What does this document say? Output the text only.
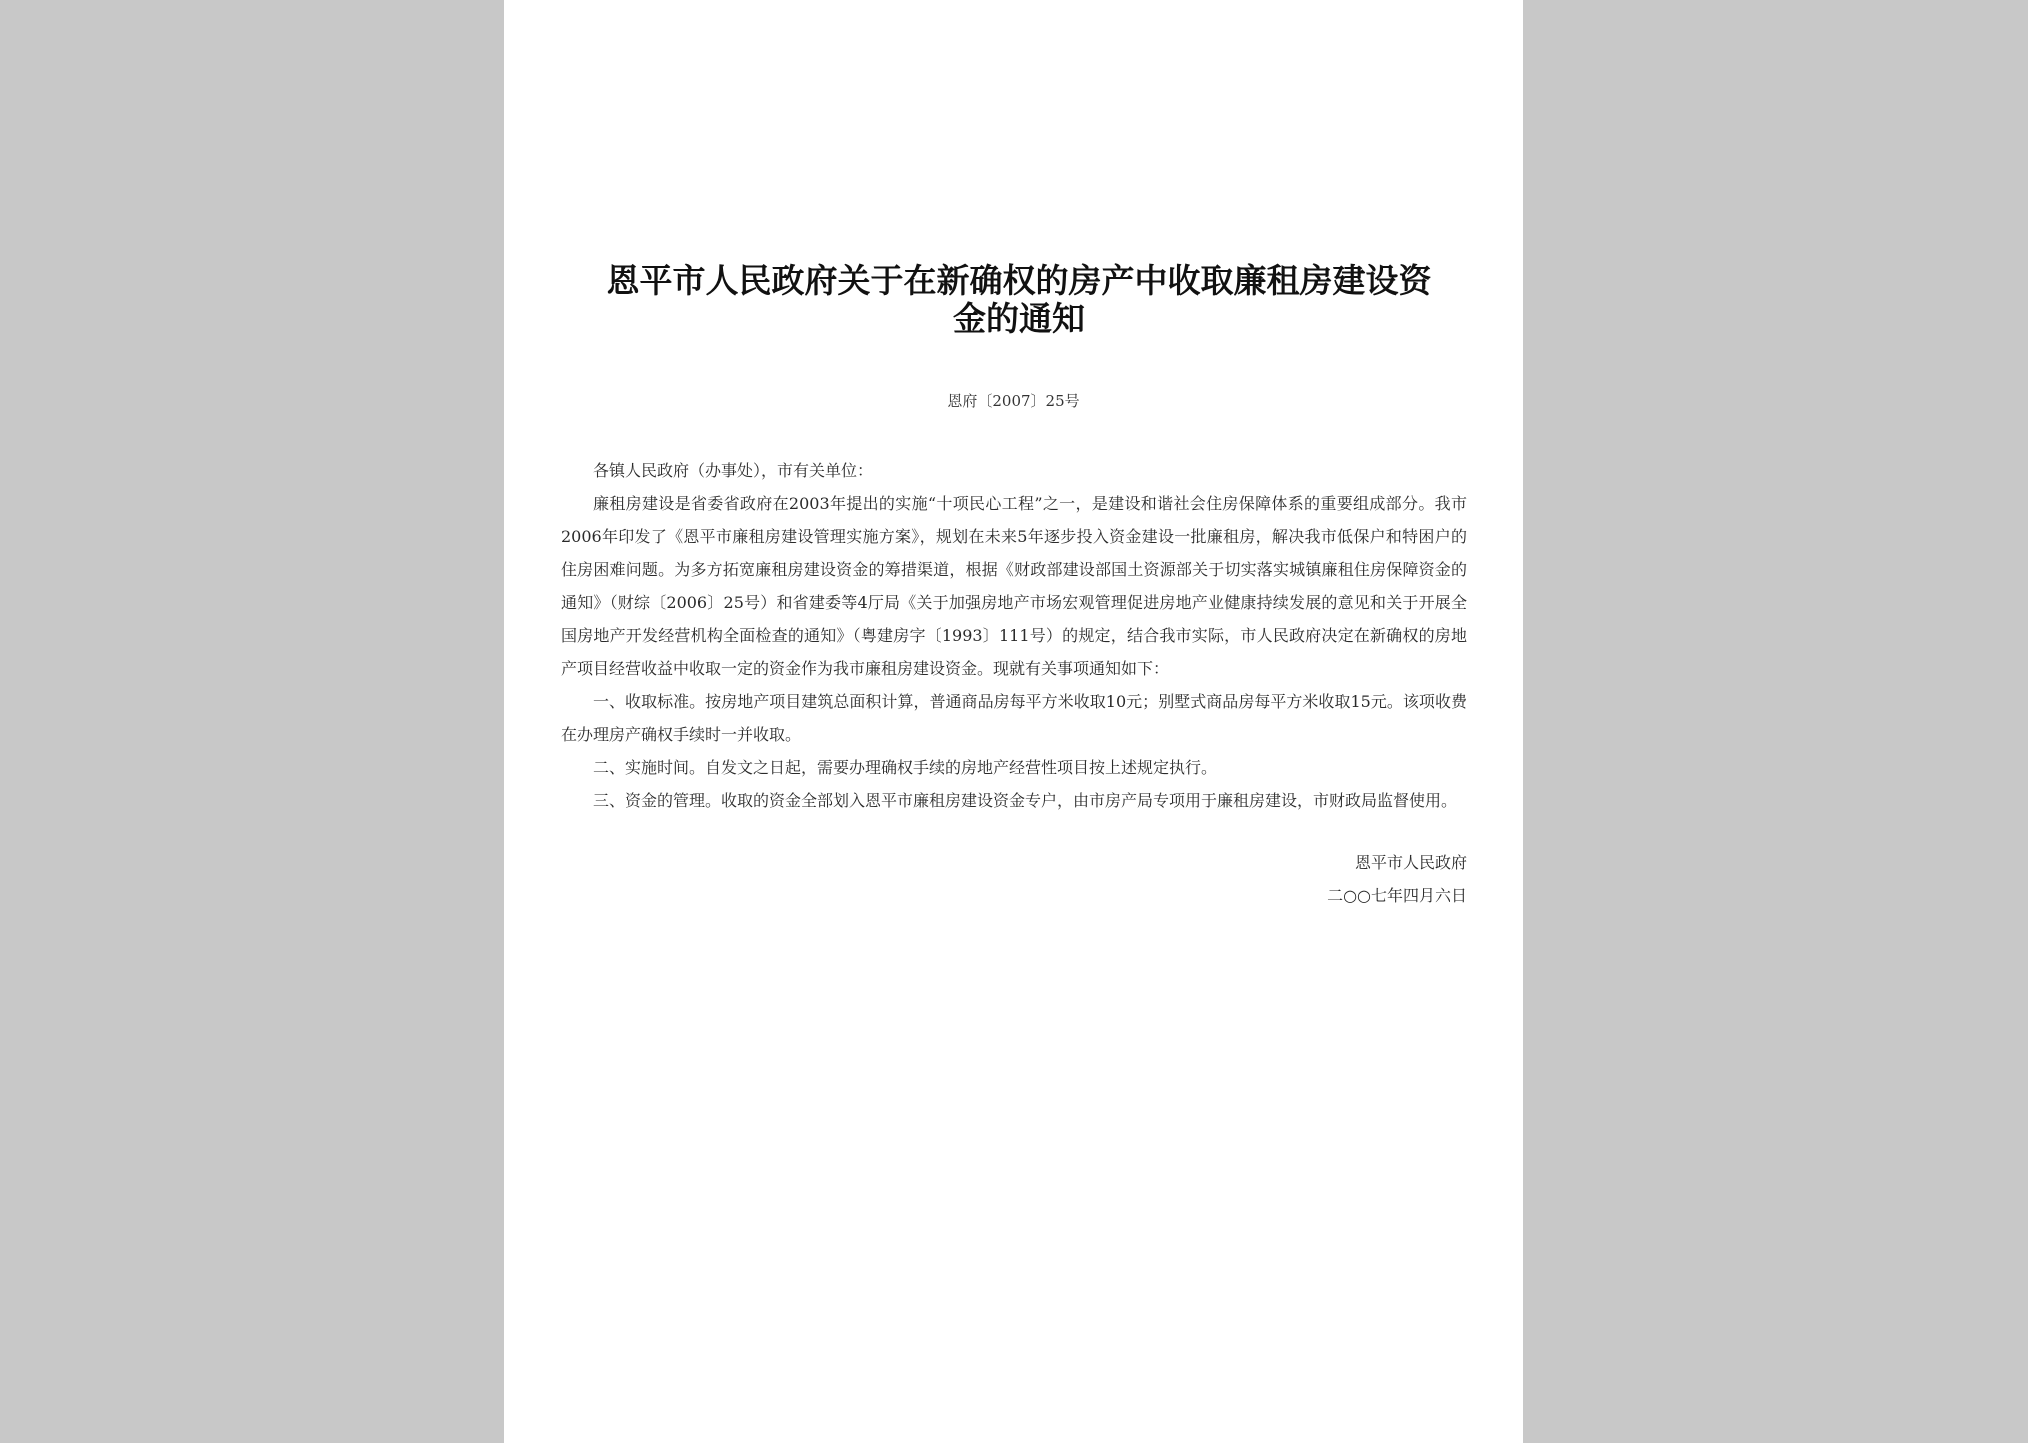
恩平市人民政府关于在新确权的房产中收取廉租房建设资金的通知
恩府〔2007〕25号

各镇人民政府（办事处），市有关单位：

廉租房建设是省委省政府在2003年提出的实施“十项民心工程”之一，是建设和谐社会住房保障体系的重要组成部分。我市2006年印发了《恩平市廉租房建设管理实施方案》，规划在未来5年逐步投入资金建设一批廉租房，解决我市低保户和特困户的住房困难问题。为多方拓宽廉租房建设资金的筹措渠道，根据《财政部建设部国土资源部关于切实落实城镇廉租住房保障资金的通知》（财综〔2006〕25号）和省建委等4厅局《关于加强房地产市场宏观管理促进房地产业健康持续发展的意见和关于开展全国房地产开发经营机构全面检查的通知》（粤建房字〔1993〕111号）的规定，结合我市实际，市人民政府决定在新确权的房地产项目经营收益中收取一定的资金作为我市廉租房建设资金。现就有关事项通知如下：

一、收取标准。按房地产项目建筑总面积计算，普通商品房每平方米收取10元；别墅式商品房每平方米收取15元。该项收费在办理房产确权手续时一并收取。

二、实施时间。自发文之日起，需要办理确权手续的房地产经营性项目按上述规定执行。

三、资金的管理。收取的资金全部划入恩平市廉租房建设资金专户，由市房产局专项用于廉租房建设，市财政局监督使用。

恩平市人民政府
二○○七年四月六日
